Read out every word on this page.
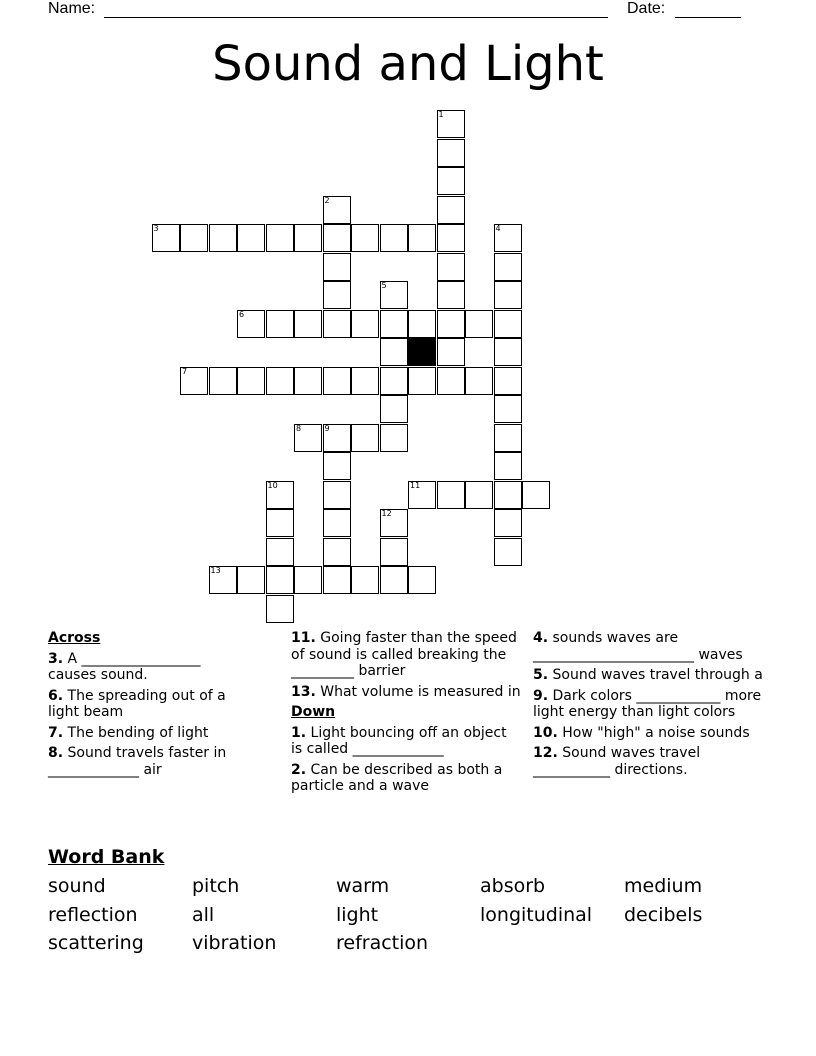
Name:	Date:
Sound and Light
1
2
3	4
5
6
7
8	9
10	11
12
13
Across
3. A _________________ causes sound.
6. The spreading out of a light beam
7. The bending of light
8. Sound travels faster in _____________ air
11. Going faster than the speed of sound is called breaking the _________ barrier
13. What volume is measured in
Down
1. Light bouncing off an object is called _____________
2. Can be described as both a particle and a wave
4. sounds waves are _______________________ waves
5. Sound waves travel through a
9. Dark colors ____________ more light energy than light colors
10. How "high" a noise sounds
12. Sound waves travel ___________ directions.
Word Bank
sound	pitch	warm	absorb	medium
reflection	all	light	longitudinal	decibels
scattering	vibration	refraction
